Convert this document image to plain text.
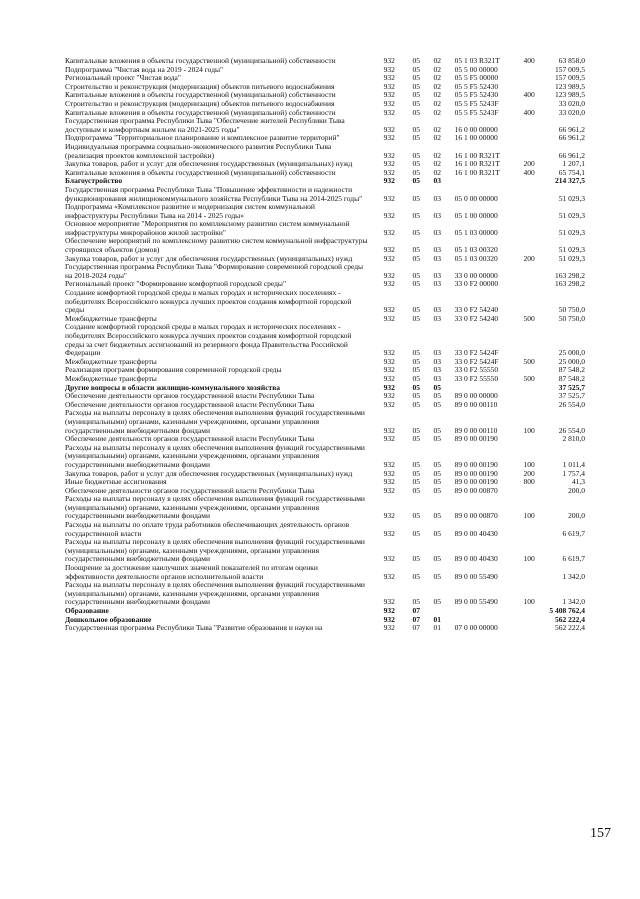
Капитальные вложения в объекты государственной (муниципальной) собственности	932	05	02	05 1 03 R321T	400	63 858,0
Подпрограмма "Чистая вода на 2019 - 2024 годы"	932	05	02	05 5 00 00000	157 009,5
Региональный проект "Чистая вода"	932	05	02	05 5 F5 00000	157 009,5
Строительство и реконструкция (модернизация) объектов питьевого водоснабжения	932	05	02	05 5 F5 52430	123 989,5
Капитальные вложения в объекты государственной (муниципальной) собственности	932	05	02	05 5 F5 52430	400	123 989,5
Строительство и реконструкция (модернизация) объектов питьевого водоснабжения	932	05	02	05 5 F5 5243F	33 020,0
Капитальные вложения в объекты государственной (муниципальной) собственности	932	05	02	05 5 F5 5243F	400	33 020,0
Государственная программа Республики Тыва "Обеспечение жителей Республики Тыва доступным и комфортным жильем на 2021-2025 годы"	932	05	02	16 0 00 00000	66 961,2
Подпрограмма "Территориальное планирование и комплексное развитие территорий"	932	05	02	16 1 00 00000	66 961,2
Индивидуальная программа социально-экономического развития Республики Тыва (реализация проектов комплексной застройки)	932	05	02	16 1 00 R321T	66 961,2
Закупка товаров, работ и услуг для обеспечения государственных (муниципальных) нужд	932	05	02	16 1 00 R321T	200	1 207,1
Капитальные вложения в объекты государственной (муниципальной) собственности	932	05	02	16 1 00 R321T	400	65 754,1
Благоустройство	932	05	03	214 327,5
Государственная программа Республики Тыва "Повышение эффективности и надежности функционирования жилищнокоммунального хозяйства Республики Тыва на 2014-2025 годы"	932	05	03	05 0 00 00000	51 029,3
Подпрограмма «Комплексное развитие и модернизация систем коммунальной инфраструктуры Республики Тыва на 2014 - 2025 годы»	932	05	03	05 1 00 00000	51 029,3
Основное мероприятие "Мероприятия по комплексному развитию систем коммунальной инфраструктуры микрорайонов жилой застройки"	932	05	03	05 1 03 00000	51 029,3
Обеспечение мероприятий по комплексному развитию систем коммунальной инфраструктуры строящихся объектов (домов)	932	05	03	05 1 03 00320	51 029,3
Закупка товаров, работ и услуг для обеспечения государственных (муниципальных) нужд	932	05	03	05 1 03 00320	200	51 029,3
Государственная программа Республики Тыва "Формирование современной городской среды на 2018-2024 годы"	932	05	03	33 0 00 00000	163 298,2
Региональный проект "Формирование комфортной городской среды"	932	05	03	33 0 F2 00000	163 298,2
Создание комфортной городской среды в малых городах и исторических поселениях - победителях Всероссийского конкурса лучших проектов создания комфортной городской среды	932	05	03	33 0 F2 54240	50 750,0
Межбюджетные трансферты	932	05	03	33 0 F2 54240	500	50 750,0
Создание комфортной городской среды в малых городах и исторических поселениях - победителях Всероссийского конкурса лучших проектов создания комфортной городской среды за счет бюджетных ассигнований из резервного фонда Правительства Российской Федерации	932	05	03	33 0 F2 5424F	25 000,0
Межбюджетные трансферты	932	05	03	33 0 F2 5424F	500	25 000,0
Реализация программ формирования современной городской среды	932	05	03	33 0 F2 55550	87 548,2
Межбюджетные трансферты	932	05	03	33 0 F2 55550	500	87 548,2
Другие вопросы в области жилищно-коммунального хозяйства	932	05	05	37 525,7
Обеспечение деятельности органов государственной власти Республики Тыва	932	05	05	89 0 00 00000	37 525,7
Обеспечение деятельности органов государственной власти Республики Тыва	932	05	05	89 0 00 00110	26 554,0
Расходы на выплаты персоналу в целях обеспечения выполнения функций государственными (муниципальными) органами, казенными учреждениями, органами управления государственными внебюджетными фондами	932	05	05	89 0 00 00110	100	26 554,0
Обеспечение деятельности органов государственной власти Республики Тыва	932	05	05	89 0 00 00190	2 810,0
Расходы на выплаты персоналу в целях обеспечения выполнения функций государственными (муниципальными) органами, казенными учреждениями, органами управления государственными внебюджетными фондами	932	05	05	89 0 00 00190	100	1 011,4
Закупка товаров, работ и услуг для обеспечения государственных (муниципальных) нужд	932	05	05	89 0 00 00190	200	1 757,4
Иные бюджетные ассигнования	932	05	05	89 0 00 00190	800	41,3
Обеспечение деятельности органов государственной власти Республики Тыва	932	05	05	89 0 00 00870	200,0
Расходы на выплаты персоналу в целях обеспечения выполнения функций государственными (муниципальными) органами, казенными учреждениями, органами управления государственными внебюджетными фондами	932	05	05	89 0 00 00870	100	200,0
Расходы на выплаты по оплате труда работников обеспечивающих деятельность органов государственной власти	932	05	05	89 0 00 40430	6 619,7
Расходы на выплаты персоналу в целях обеспечения выполнения функций государственными (муниципальными) органами, казенными учреждениями, органами управления государственными внебюджетными фондами	932	05	05	89 0 00 40430	100	6 619,7
Поощрение за достижение наилучших значений показателей по итогам оценки эффективности деятельности органов исполнительной власти	932	05	05	89 0 00 55490	1 342,0
Расходы на выплаты персоналу в целях обеспечения выполнения функций государственными (муниципальными) органами, казенными учреждениями, органами управления государственными внебюджетными фондами	932	05	05	89 0 00 55490	100	1 342,0
Образование	932	07	5 408 762,4
Дошкольное образование	932	07	01	562 222,4
Государственная программа Республики Тыва "Развитие образования и науки на	932	07	01	07 0 00 00000	562 222,4
157
